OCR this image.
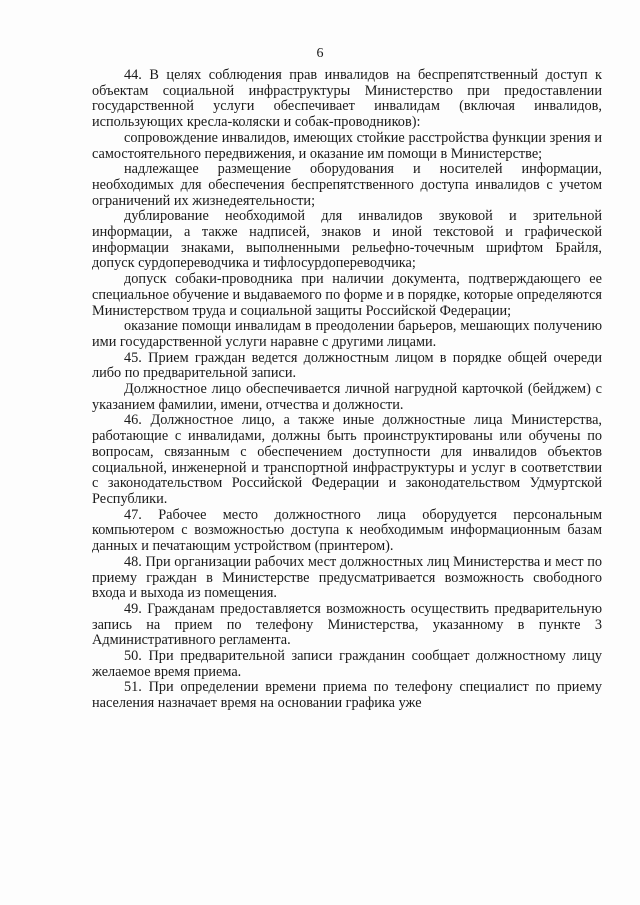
6

44. В целях соблюдения прав инвалидов на беспрепятственный доступ к объектам социальной инфраструктуры Министерство при предоставлении государственной услуги обеспечивает инвалидам (включая инвалидов, использующих кресла-коляски и собак-проводников):

сопровождение инвалидов, имеющих стойкие расстройства функции зрения и самостоятельного передвижения, и оказание им помощи в Министерстве;

надлежащее размещение оборудования и носителей информации, необходимых для обеспечения беспрепятственного доступа инвалидов с учетом ограничений их жизнедеятельности;

дублирование необходимой для инвалидов звуковой и зрительной информации, а также надписей, знаков и иной текстовой и графической информации знаками, выполненными рельефно-точечным шрифтом Брайля, допуск сурдопереводчика и тифлосурдопереводчика;

допуск собаки-проводника при наличии документа, подтверждающего ее специальное обучение и выдаваемого по форме и в порядке, которые определяются Министерством труда и социальной защиты Российской Федерации;

оказание помощи инвалидам в преодолении барьеров, мешающих получению ими государственной услуги наравне с другими лицами.

45. Прием граждан ведется должностным лицом в порядке общей очереди либо по предварительной записи.

Должностное лицо обеспечивается личной нагрудной карточкой (бейджем) с указанием фамилии, имени, отчества и должности.

46. Должностное лицо, а также иные должностные лица Министерства, работающие с инвалидами, должны быть проинструктированы или обучены по вопросам, связанным с обеспечением доступности для инвалидов объектов социальной, инженерной и транспортной инфраструктуры и услуг в соответствии с законодательством Российской Федерации и законодательством Удмуртской Республики.

47. Рабочее место должностного лица оборудуется персональным компьютером с возможностью доступа к необходимым информационным базам данных и печатающим устройством (принтером).

48. При организации рабочих мест должностных лиц Министерства и мест по приему граждан в Министерстве предусматривается возможность свободного входа и выхода из помещения.

49. Гражданам предоставляется возможность осуществить предварительную запись на прием по телефону Министерства, указанному в пункте 3 Административного регламента.

50. При предварительной записи гражданин сообщает должностному лицу желаемое время приема.

51. При определении времени приема по телефону специалист по приему населения назначает время на основании графика уже
